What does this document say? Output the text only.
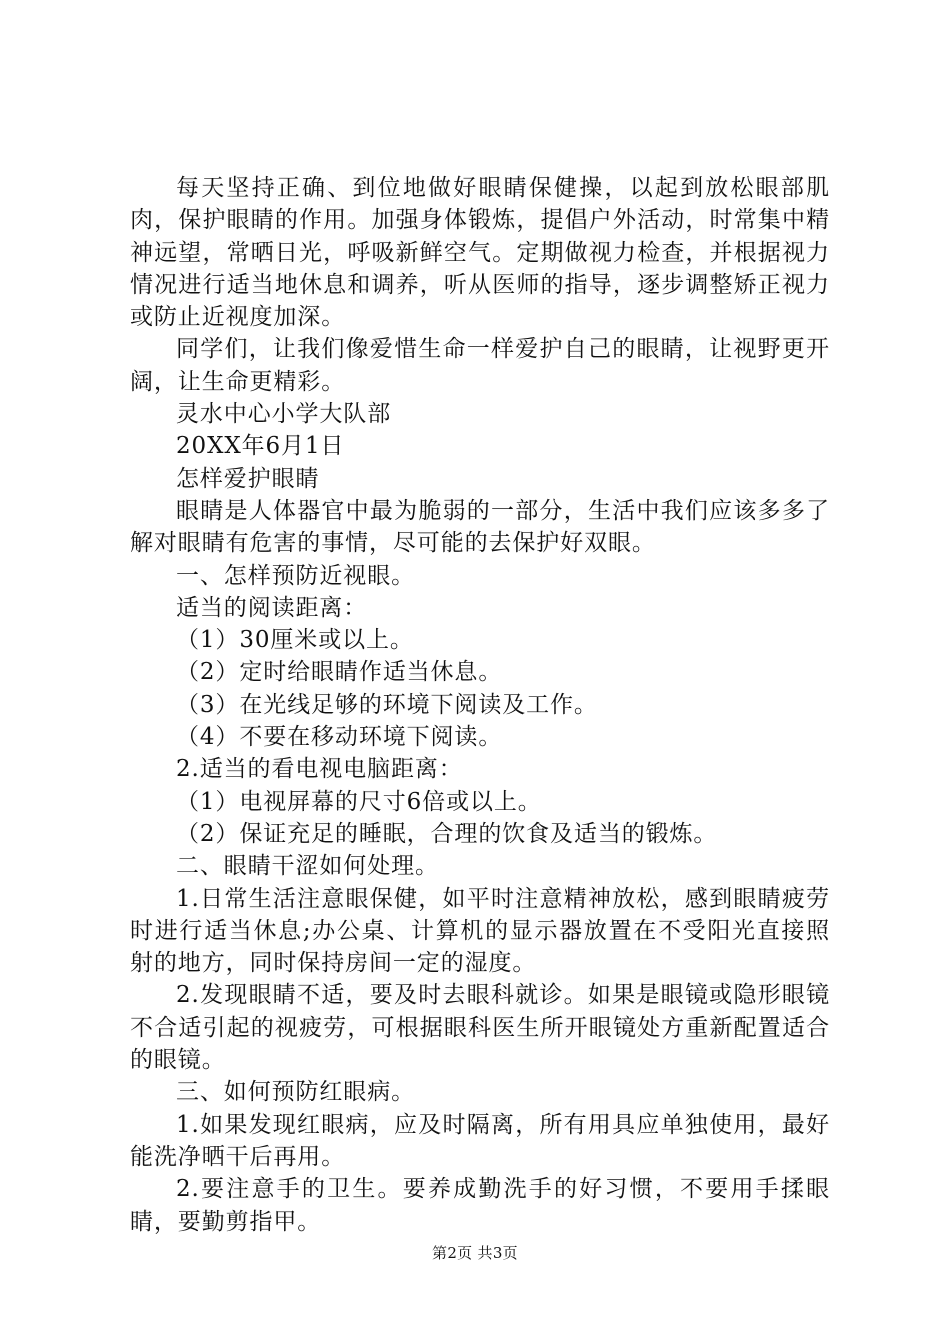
每天坚持正确、到位地做好眼睛保健操，以起到放松眼部肌肉，保护眼睛的作用。加强身体锻炼，提倡户外活动，时常集中精神远望，常晒日光，呼吸新鲜空气。定期做视力检查，并根据视力情况进行适当地休息和调养，听从医师的指导，逐步调整矫正视力或防止近视度加深。

同学们，让我们像爱惜生命一样爱护自己的眼睛，让视野更开阔，让生命更精彩。

灵水中心小学大队部

20XX年6月1日

怎样爱护眼睛

眼睛是人体器官中最为脆弱的一部分，生活中我们应该多多了解对眼睛有危害的事情，尽可能的去保护好双眼。

一、怎样预防近视眼。

适当的阅读距离：

（1）30厘米或以上。

（2）定时给眼睛作适当休息。

（3）在光线足够的环境下阅读及工作。

（4）不要在移动环境下阅读。

2.适当的看电视电脑距离：

（1）电视屏幕的尺寸6倍或以上。

（2）保证充足的睡眠，合理的饮食及适当的锻炼。

二、眼睛干涩如何处理。

1.日常生活注意眼保健，如平时注意精神放松，感到眼睛疲劳时进行适当休息;办公桌、计算机的显示器放置在不受阳光直接照射的地方，同时保持房间一定的湿度。

2.发现眼睛不适，要及时去眼科就诊。如果是眼镜或隐形眼镜不合适引起的视疲劳，可根据眼科医生所开眼镜处方重新配置适合的眼镜。

三、如何预防红眼病。

1.如果发现红眼病，应及时隔离，所有用具应单独使用，最好能洗净晒干后再用。

2.要注意手的卫生。要养成勤洗手的好习惯，不要用手揉眼睛，要勤剪指甲。

第2页 共3页
